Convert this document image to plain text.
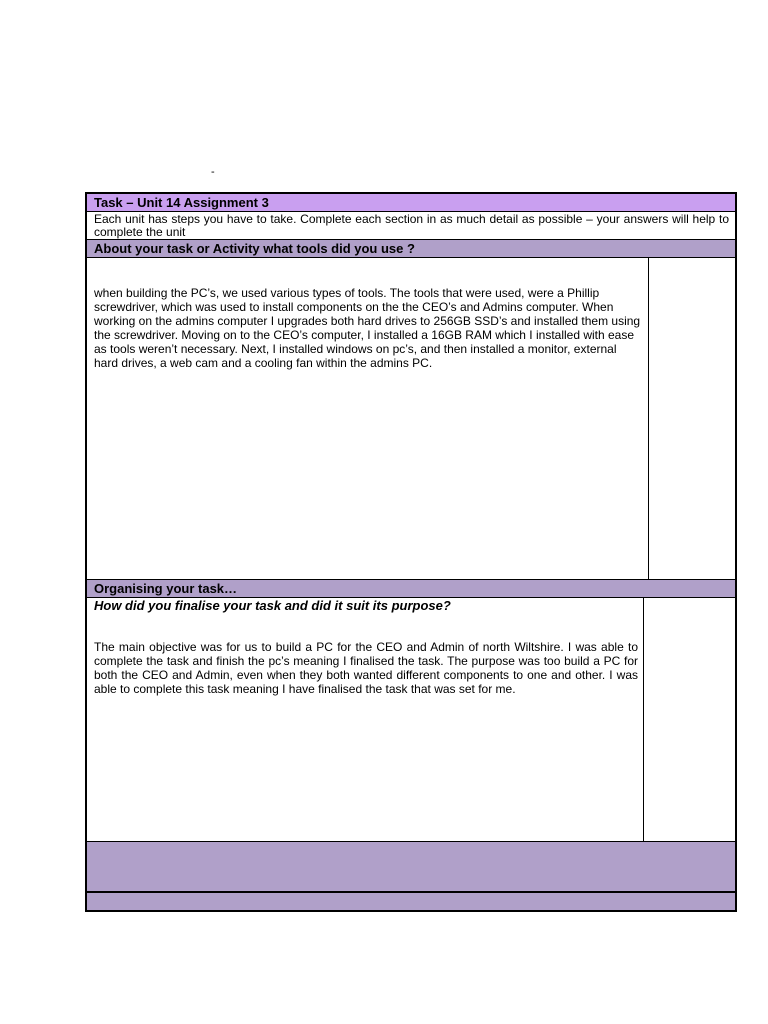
-
Task – Unit 14 Assignment 3
Each unit has steps you have to take. Complete each section in as much detail as possible – your answers will help to complete the unit
About your task or Activity what tools did you use ?
when building the PC’s, we used various types of tools. The tools that were used, were a Phillip screwdriver, which was used to install components on the the CEO’s and Admins computer. When working on the admins computer I upgrades both hard drives to 256GB SSD’s and installed them using the screwdriver. Moving on to the CEO’s computer, I installed a 16GB RAM which I installed with ease as tools weren’t necessary. Next, I installed windows on pc’s, and then installed a monitor, external hard drives, a web cam and a cooling fan within the admins PC.
Organising your task…
How did you finalise your task and did it suit its purpose?
The main objective was for us to build a PC for the CEO and Admin of north Wiltshire. I was able to complete the task and finish the pc’s meaning I finalised the task. The purpose was too build a PC for both the CEO and Admin, even when they both wanted different components to one and other. I was able to complete this task meaning I have finalised the task that was set for me.
